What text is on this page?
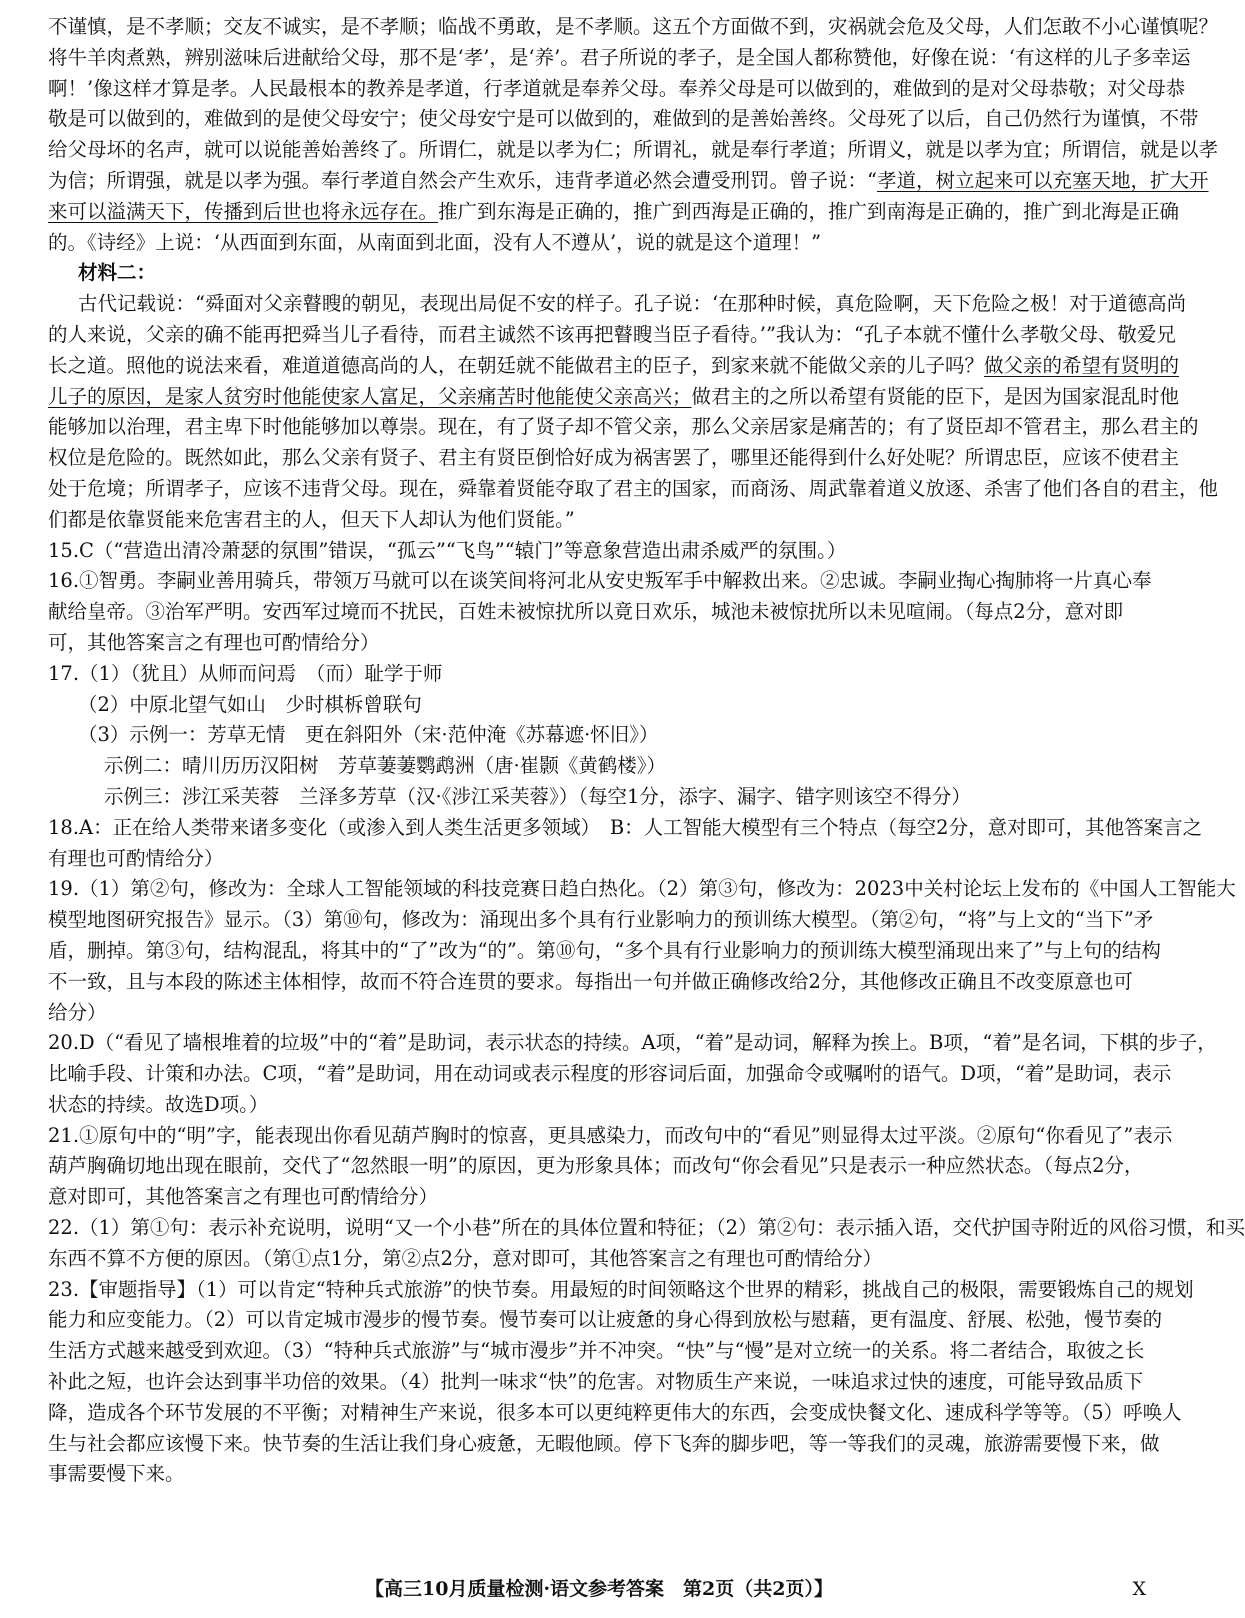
不谨慎，是不孝顺；交友不诚实，是不孝顺；临战不勇敢，是不孝顺。这五个方面做不到，灾祸就会危及父母，人们怎敢不小心谨慎呢？
将牛羊肉煮熟，辨别滋味后进献给父母，那不是‘孝’，是‘养’。君子所说的孝子，是全国人都称赞他，好像在说：‘有这样的儿子多幸运
啊！’像这样才算是孝。人民最根本的教养是孝道，行孝道就是奉养父母。奉养父母是可以做到的，难做到的是对父母恭敬；对父母恭
敬是可以做到的，难做到的是使父母安宁；使父母安宁是可以做到的，难做到的是善始善终。父母死了以后，自己仍然行为谨慎，不带
给父母坏的名声，就可以说能善始善终了。所谓仁，就是以孝为仁；所谓礼，就是奉行孝道；所谓义，就是以孝为宜；所谓信，就是以孝
为信；所谓强，就是以孝为强。奉行孝道自然会产生欢乐，违背孝道必然会遭受刑罚。曾子说：“孝道，树立起来可以充塞天地，扩大开
来可以溢满天下，传播到后世也将永远存在。推广到东海是正确的，推广到西海是正确的，推广到南海是正确的，推广到北海是正确
的。《诗经》上说：‘从西面到东面，从南面到北面，没有人不遵从’，说的就是这个道理！”
材料二：
古代记载说：“舜面对父亲瞽瞍的朝见，表现出局促不安的样子。孔子说：‘在那种时候，真危险啊，天下危险之极！对于道德高尚
的人来说，父亲的确不能再把舜当儿子看待，而君主诚然不该再把瞽瞍当臣子看待。’”我认为：“孔子本就不懂什么孝敬父母、敬爱兄
长之道。照他的说法来看，难道道德高尚的人，在朝廷就不能做君主的臣子，到家来就不能做父亲的儿子吗？做父亲的希望有贤明的
儿子的原因，是家人贫穷时他能使家人富足，父亲痛苦时他能使父亲高兴；做君主的之所以希望有贤能的臣下，是因为国家混乱时他
能够加以治理，君主卑下时他能够加以尊崇。现在，有了贤子却不管父亲，那么父亲居家是痛苦的；有了贤臣却不管君主，那么君主的
权位是危险的。既然如此，那么父亲有贤子、君主有贤臣倒恰好成为祸害罢了，哪里还能得到什么好处呢？所谓忠臣，应该不使君主
处于危境；所谓孝子，应该不违背父母。现在，舜靠着贤能夺取了君主的国家，而商汤、周武靠着道义放逐、杀害了他们各自的君主，他
们都是依靠贤能来危害君主的人，但天下人却认为他们贤能。”
15.C（“营造出清冷萧瑟的氛围”错误，“孤云”“飞鸟”“辕门”等意象营造出肃杀威严的氛围。）
16.①智勇。李嗣业善用骑兵，带领万马就可以在谈笑间将河北从安史叛军手中解救出来。②忠诚。李嗣业掏心掏肺将一片真心奉
献给皇帝。③治军严明。安西军过境而不扰民，百姓未被惊扰所以竟日欢乐，城池未被惊扰所以未见喧闹。（每点2分，意对即
可，其他答案言之有理也可酌情给分）
17.（1）（犹且）从师而问焉　（而）耻学于师
（2）中原北望气如山　少时棋柝曾联句
（3）示例一：芳草无情　更在斜阳外（宋·范仲淹《苏幕遮·怀旧》）
示例二：晴川历历汉阳树　芳草萋萋鹦鹉洲（唐·崔颢《黄鹤楼》）
示例三：涉江采芙蓉　兰泽多芳草（汉·《涉江采芙蓉》）（每空1分，添字、漏字、错字则该空不得分）
18.A：正在给人类带来诸多变化（或渗入到人类生活更多领域）　B：人工智能大模型有三个特点（每空2分，意对即可，其他答案言之
有理也可酌情给分）
19.（1）第②句，修改为：全球人工智能领域的科技竞赛日趋白热化。（2）第③句，修改为：2023中关村论坛上发布的《中国人工智能大
模型地图研究报告》显示。（3）第⑩句，修改为：涌现出多个具有行业影响力的预训练大模型。（第②句，“将”与上文的“当下”矛
盾，删掉。第③句，结构混乱，将其中的“了”改为“的”。第⑩句，“多个具有行业影响力的预训练大模型涌现出来了”与上句的结构
不一致，且与本段的陈述主体相悖，故而不符合连贯的要求。每指出一句并做正确修改给2分，其他修改正确且不改变原意也可
给分）
20.D（“看见了墙根堆着的垃圾”中的“着”是助词，表示状态的持续。A项，“着”是动词，解释为挨上。B项，“着”是名词，下棋的步子，
比喻手段、计策和办法。C项，“着”是助词，用在动词或表示程度的形容词后面，加强命令或嘱咐的语气。D项，“着”是助词，表示
状态的持续。故选D项。）
21.①原句中的“明”字，能表现出你看见葫芦胸时的惊喜，更具感染力，而改句中的“看见”则显得太过平淡。②原句“你看见了”表示
葫芦胸确切地出现在眼前，交代了“忽然眼一明”的原因，更为形象具体；而改句“你会看见”只是表示一种应然状态。（每点2分，
意对即可，其他答案言之有理也可酌情给分）
22.（1）第①句：表示补充说明，说明“又一个小巷”所在的具体位置和特征；（2）第②句：表示插入语，交代护国寺附近的风俗习惯，和买
东西不算不方便的原因。（第①点1分，第②点2分，意对即可，其他答案言之有理也可酌情给分）
23.【审题指导】（1）可以肯定“特种兵式旅游”的快节奏。用最短的时间领略这个世界的精彩，挑战自己的极限，需要锻炼自己的规划
能力和应变能力。（2）可以肯定城市漫步的慢节奏。慢节奏可以让疲惫的身心得到放松与慰藉，更有温度、舒展、松弛，慢节奏的
生活方式越来越受到欢迎。（3）“特种兵式旅游”与“城市漫步”并不冲突。“快”与“慢”是对立统一的关系。将二者结合，取彼之长
补此之短，也许会达到事半功倍的效果。（4）批判一味求“快”的危害。对物质生产来说，一味追求过快的速度，可能导致品质下
降，造成各个环节发展的不平衡；对精神生产来说，很多本可以更纯粹更伟大的东西，会变成快餐文化、速成科学等等。（5）呼唤人
生与社会都应该慢下来。快节奏的生活让我们身心疲惫，无暇他顾。停下飞奔的脚步吧，等一等我们的灵魂，旅游需要慢下来，做
事需要慢下来。
【高三10月质量检测·语文参考答案　第2页（共2页）】	X
